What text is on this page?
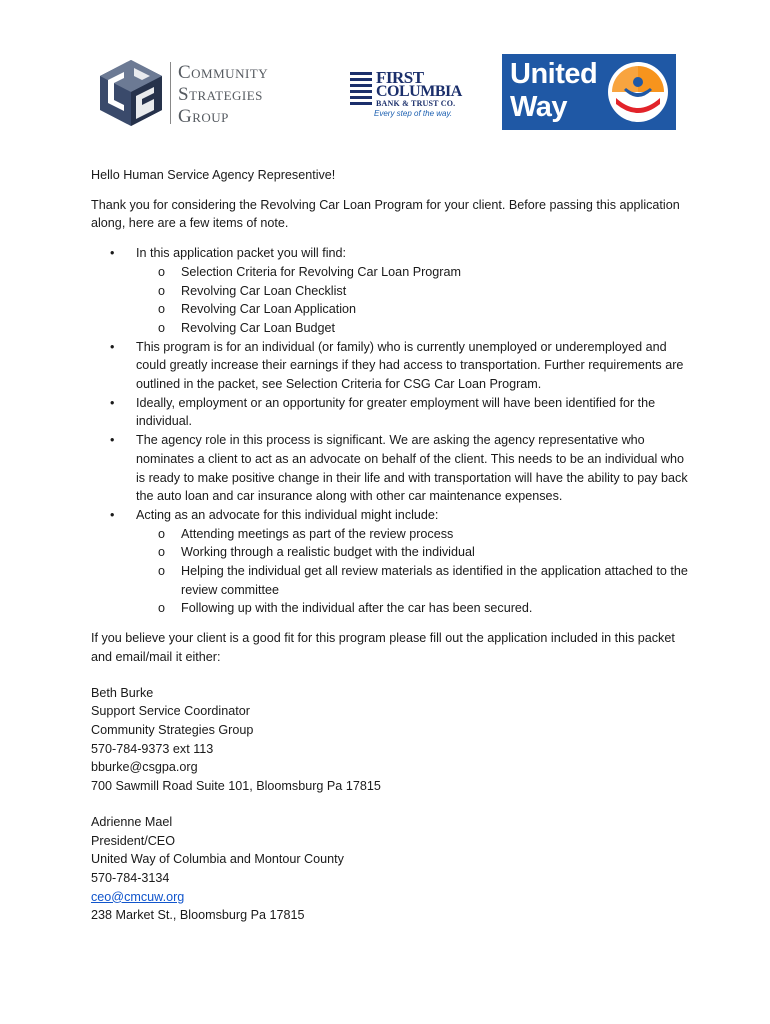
Community
Strategies
Group
FIRST
COLUMBIA
BANK & TRUST CO.
Every step of the way.
United
Way

Hello Human Service Agency Representive!

Thank you for considering the Revolving Car Loan Program for your client. Before passing this application along, here are a few items of note.

• In this application packet you will find:
o Selection Criteria for Revolving Car Loan Program
o Revolving Car Loan Checklist
o Revolving Car Loan Application
o Revolving Car Loan Budget
• This program is for an individual (or family) who is currently unemployed or underemployed and could greatly increase their earnings if they had access to transportation. Further requirements are outlined in the packet, see Selection Criteria for CSG Car Loan Program.
• Ideally, employment or an opportunity for greater employment will have been identified for the individual.
• The agency role in this process is significant. We are asking the agency representative who nominates a client to act as an advocate on behalf of the client. This needs to be an individual who is ready to make positive change in their life and with transportation will have the ability to pay back the auto loan and car insurance along with other car maintenance expenses.
• Acting as an advocate for this individual might include:
o Attending meetings as part of the review process
o Working through a realistic budget with the individual
o Helping the individual get all review materials as identified in the application attached to the review committee
o Following up with the individual after the car has been secured.

If you believe your client is a good fit for this program please fill out the application included in this packet and email/mail it either:

Beth Burke
Support Service Coordinator
Community Strategies Group
570-784-9373 ext 113
bburke@csgpa.org
700 Sawmill Road Suite 101, Bloomsburg Pa 17815
Adrienne Mael
President/CEO
United Way of Columbia and Montour County
570-784-3134
ceo@cmcuw.org
238 Market St., Bloomsburg Pa 17815
